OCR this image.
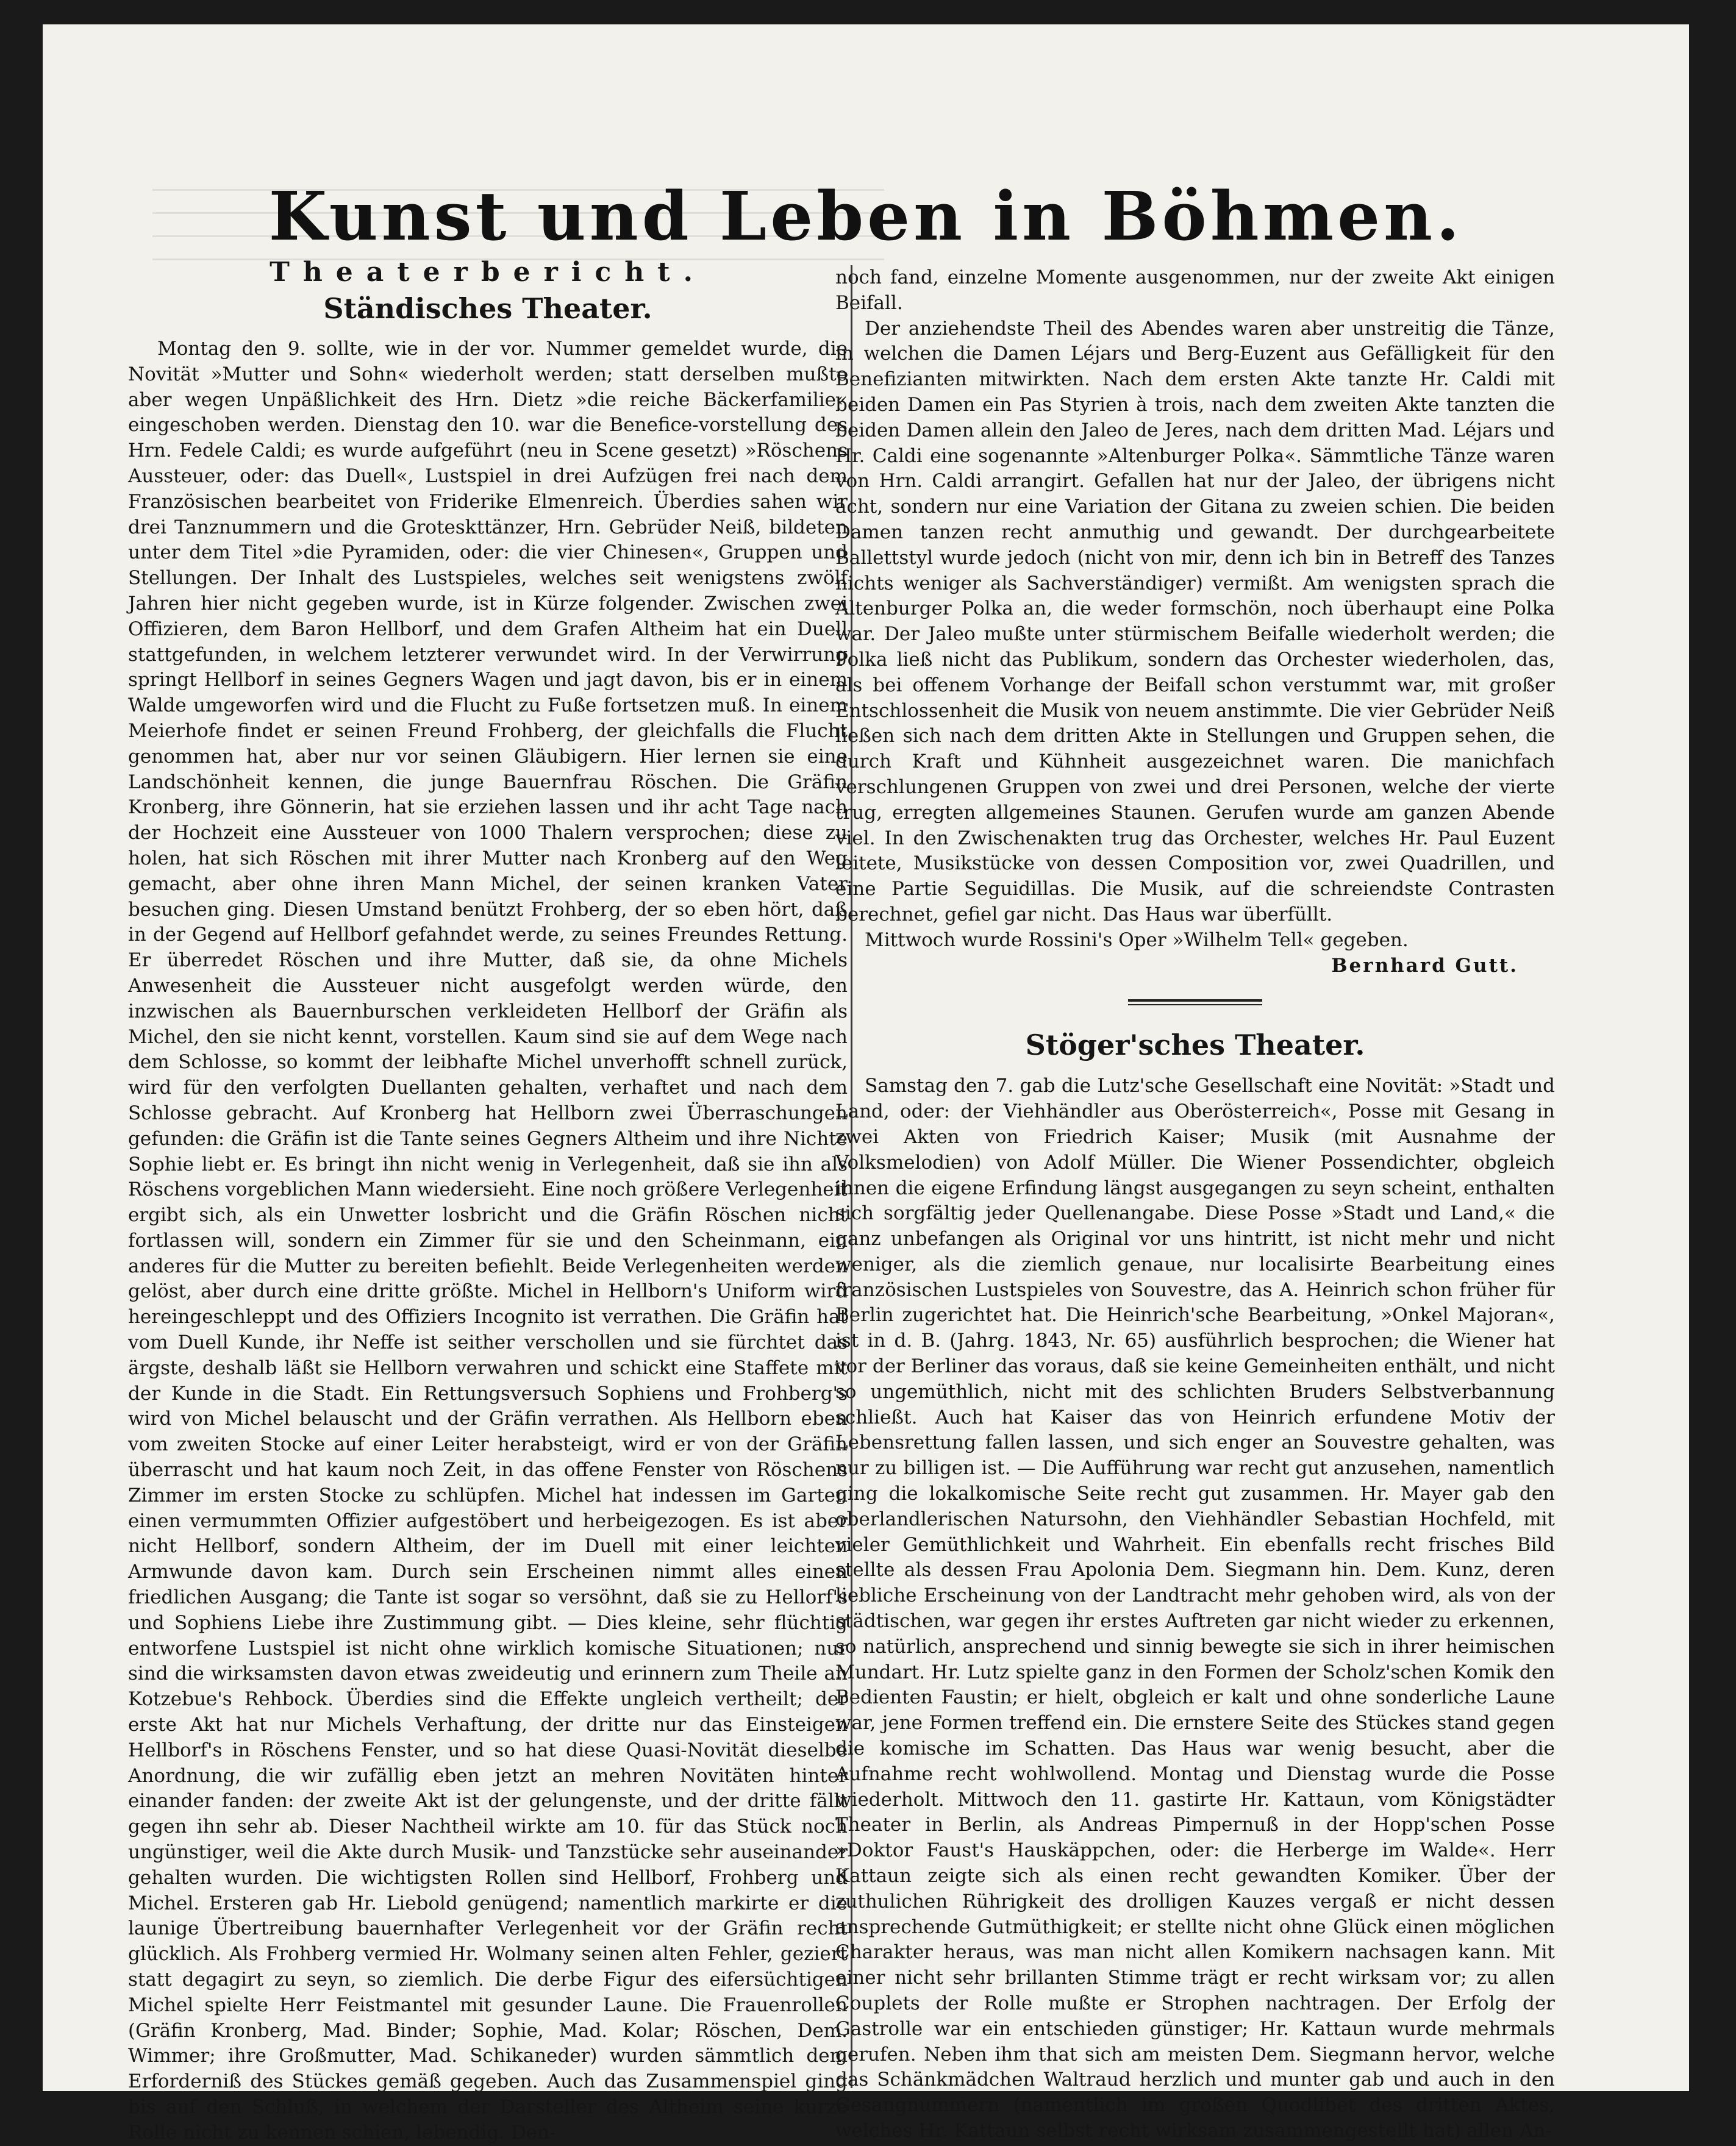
Kunst und Leben in Böhmen.
Theaterbericht.
Ständisches Theater.

Montag den 9. sollte, wie in der vor. Nummer gemeldet wurde, die Novität »Mutter und Sohn« wiederholt werden; statt derselben mußte aber wegen Unpäßlichkeit des Hrn. Dietz »die reiche Bäckerfamilie« eingeschoben werden. Dienstag den 10. war die Benefice-vorstellung des Hrn. Fedele Caldi; es wurde aufgeführt (neu in Scene gesetzt) »Röschens Aussteuer, oder: das Duell«, Lustspiel in drei Aufzügen frei nach dem Französischen bearbeitet von Friderike Elmenreich. Überdies sahen wir drei Tanznummern und die Groteskttänzer, Hrn. Gebrüder Neiß, bildeten unter dem Titel »die Pyramiden, oder: die vier Chinesen«, Gruppen und Stellungen. Der Inhalt des Lustspieles, welches seit wenigstens zwölf Jahren hier nicht gegeben wurde, ist in Kürze folgender. Zwischen zwei Offizieren, dem Baron Hellborf, und dem Grafen Altheim hat ein Duell stattgefunden, in welchem letzterer verwundet wird. In der Verwirrung springt Hellborf in seines Gegners Wagen und jagt davon, bis er in einem Walde umgeworfen wird und die Flucht zu Fuße fortsetzen muß. In einem Meierhofe findet er seinen Freund Frohberg, der gleichfalls die Flucht genommen hat, aber nur vor seinen Gläubigern. Hier lernen sie eine Landschönheit kennen, die junge Bauernfrau Röschen. Die Gräfin Kronberg, ihre Gönnerin, hat sie erziehen lassen und ihr acht Tage nach der Hochzeit eine Aussteuer von 1000 Thalern versprochen; diese zu holen, hat sich Röschen mit ihrer Mutter nach Kronberg auf den Weg gemacht, aber ohne ihren Mann Michel, der seinen kranken Vater besuchen ging. Diesen Umstand benützt Frohberg, der so eben hört, daß in der Gegend auf Hellborf gefahndet werde, zu seines Freundes Rettung. Er überredet Röschen und ihre Mutter, daß sie, da ohne Michels Anwesenheit die Aussteuer nicht ausgefolgt werden würde, den inzwischen als Bauernburschen verkleideten Hellborf der Gräfin als Michel, den sie nicht kennt, vorstellen. Kaum sind sie auf dem Wege nach dem Schlosse, so kommt der leibhafte Michel unverhofft schnell zurück, wird für den verfolgten Duellanten gehalten, verhaftet und nach dem Schlosse gebracht. Auf Kronberg hat Hellborn zwei Überraschungen gefunden: die Gräfin ist die Tante seines Gegners Altheim und ihre Nichte Sophie liebt er. Es bringt ihn nicht wenig in Verlegenheit, daß sie ihn als Röschens vorgeblichen Mann wiedersieht. Eine noch größere Verlegenheit ergibt sich, als ein Unwetter losbricht und die Gräfin Röschen nicht fortlassen will, sondern ein Zimmer für sie und den Scheinmann, ein anderes für die Mutter zu bereiten befiehlt. Beide Verlegenheiten werden gelöst, aber durch eine dritte größte. Michel in Hellborn's Uniform wird hereingeschleppt und des Offiziers Incognito ist verrathen. Die Gräfin hat vom Duell Kunde, ihr Neffe ist seither verschollen und sie fürchtet das ärgste, deshalb läßt sie Hellborn verwahren und schickt eine Staffete mit der Kunde in die Stadt. Ein Rettungsversuch Sophiens und Frohberg's wird von Michel belauscht und der Gräfin verrathen. Als Hellborn eben vom zweiten Stocke auf einer Leiter herabsteigt, wird er von der Gräfin überrascht und hat kaum noch Zeit, in das offene Fenster von Röschens Zimmer im ersten Stocke zu schlüpfen. Michel hat indessen im Garten einen vermummten Offizier aufgestöbert und herbeigezogen. Es ist aber nicht Hellborf, sondern Altheim, der im Duell mit einer leichten Armwunde davon kam. Durch sein Erscheinen nimmt alles einen friedlichen Ausgang; die Tante ist sogar so versöhnt, daß sie zu Hellorf's und Sophiens Liebe ihre Zustimmung gibt. — Dies kleine, sehr flüchtig entworfene Lustspiel ist nicht ohne wirklich komische Situationen; nur sind die wirksamsten davon etwas zweideutig und erinnern zum Theile an Kotzebue's Rehbock. Überdies sind die Effekte ungleich vertheilt; der erste Akt hat nur Michels Verhaftung, der dritte nur das Einsteigen Hellborf's in Röschens Fenster, und so hat diese Quasi-Novität dieselbe Anordnung, die wir zufällig eben jetzt an mehren Novitäten hinter einander fanden: der zweite Akt ist der gelungenste, und der dritte fällt gegen ihn sehr ab. Dieser Nachtheil wirkte am 10. für das Stück noch ungünstiger, weil die Akte durch Musik- und Tanzstücke sehr auseinander gehalten wurden. Die wichtigsten Rollen sind Hellborf, Frohberg und Michel. Ersteren gab Hr. Liebold genügend; namentlich markirte er die launige Übertreibung bauernhafter Verlegenheit vor der Gräfin recht glücklich. Als Frohberg vermied Hr. Wolmany seinen alten Fehler, geziert statt degagirt zu seyn, so ziemlich. Die derbe Figur des eifersüchtigen Michel spielte Herr Feistmantel mit gesunder Laune. Die Frauenrollen (Gräfin Kronberg, Mad. Binder; Sophie, Mad. Kolar; Röschen, Dem. Wimmer; ihre Großmutter, Mad. Schikaneder) wurden sämmtlich dem Erforderniß des Stückes gemäß gegeben. Auch das Zusammenspiel ging bis auf den Schluß, in welchem der Darsteller des Altheim seine kurze Rolle nicht zu kennen schien, lebendig. Den-

noch fand, einzelne Momente ausgenommen, nur der zweite Akt einigen Beifall.

Der anziehendste Theil des Abendes waren aber unstreitig die Tänze, in welchen die Damen Léjars und Berg-Euzent aus Gefälligkeit für den Benefizianten mitwirkten. Nach dem ersten Akte tanzte Hr. Caldi mit beiden Damen ein Pas Styrien à trois, nach dem zweiten Akte tanzten die beiden Damen allein den Jaleo de Jeres, nach dem dritten Mad. Léjars und Hr. Caldi eine sogenannte »Altenburger Polka«. Sämmtliche Tänze waren von Hrn. Caldi arrangirt. Gefallen hat nur der Jaleo, der übrigens nicht ächt, sondern nur eine Variation der Gitana zu zweien schien. Die beiden Damen tanzen recht anmuthig und gewandt. Der durchgearbeitete Ballettstyl wurde jedoch (nicht von mir, denn ich bin in Betreff des Tanzes nichts weniger als Sachverständiger) vermißt. Am wenigsten sprach die Altenburger Polka an, die weder formschön, noch überhaupt eine Polka war. Der Jaleo mußte unter stürmischem Beifalle wiederholt werden; die Polka ließ nicht das Publikum, sondern das Orchester wiederholen, das, als bei offenem Vorhange der Beifall schon verstummt war, mit großer Entschlossenheit die Musik von neuem anstimmte. Die vier Gebrüder Neiß ließen sich nach dem dritten Akte in Stellungen und Gruppen sehen, die durch Kraft und Kühnheit ausgezeichnet waren. Die manichfach verschlungenen Gruppen von zwei und drei Personen, welche der vierte trug, erregten allgemeines Staunen. Gerufen wurde am ganzen Abende viel. In den Zwischenakten trug das Orchester, welches Hr. Paul Euzent leitete, Musikstücke von dessen Composition vor, zwei Quadrillen, und eine Partie Seguidillas. Die Musik, auf die schreiendste Contrasten berechnet, gefiel gar nicht. Das Haus war überfüllt.

Mittwoch wurde Rossini's Oper »Wilhelm Tell« gegeben.

Bernhard Gutt.
Stöger'sches Theater.

Samstag den 7. gab die Lutz'sche Gesellschaft eine Novität: »Stadt und Land, oder: der Viehhändler aus Oberösterreich«, Posse mit Gesang in zwei Akten von Friedrich Kaiser; Musik (mit Ausnahme der Volksmelodien) von Adolf Müller. Die Wiener Possendichter, obgleich ihnen die eigene Erfindung längst ausgegangen zu seyn scheint, enthalten sich sorgfältig jeder Quellenangabe. Diese Posse »Stadt und Land,« die ganz unbefangen als Original vor uns hintritt, ist nicht mehr und nicht weniger, als die ziemlich genaue, nur localisirte Bearbeitung eines französischen Lustspieles von Souvestre, das A. Heinrich schon früher für Berlin zugerichtet hat. Die Heinrich'sche Bearbeitung, »Onkel Majoran«, ist in d. B. (Jahrg. 1843, Nr. 65) ausführlich besprochen; die Wiener hat vor der Berliner das voraus, daß sie keine Gemeinheiten enthält, und nicht so ungemüthlich, nicht mit des schlichten Bruders Selbstverbannung schließt. Auch hat Kaiser das von Heinrich erfundene Motiv der Lebensrettung fallen lassen, und sich enger an Souvestre gehalten, was nur zu billigen ist. — Die Aufführung war recht gut anzusehen, namentlich ging die lokalkomische Seite recht gut zusammen. Hr. Mayer gab den oberlandlerischen Natursohn, den Viehhändler Sebastian Hochfeld, mit vieler Gemüthlichkeit und Wahrheit. Ein ebenfalls recht frisches Bild stellte als dessen Frau Apolonia Dem. Siegmann hin. Dem. Kunz, deren liebliche Erscheinung von der Landtracht mehr gehoben wird, als von der städtischen, war gegen ihr erstes Auftreten gar nicht wieder zu erkennen, so natürlich, ansprechend und sinnig bewegte sie sich in ihrer heimischen Mundart. Hr. Lutz spielte ganz in den Formen der Scholz'schen Komik den Bedienten Faustin; er hielt, obgleich er kalt und ohne sonderliche Laune war, jene Formen treffend ein. Die ernstere Seite des Stückes stand gegen die komische im Schatten. Das Haus war wenig besucht, aber die Aufnahme recht wohlwollend. Montag und Dienstag wurde die Posse wiederholt. Mittwoch den 11. gastirte Hr. Kattaun, vom Königstädter Theater in Berlin, als Andreas Pimpernuß in der Hopp'schen Posse »Doktor Faust's Hauskäppchen, oder: die Herberge im Walde«. Herr Kattaun zeigte sich als einen recht gewandten Komiker. Über der zuthulichen Rührigkeit des drolligen Kauzes vergaß er nicht dessen ansprechende Gutmüthigkeit; er stellte nicht ohne Glück einen möglichen Charakter heraus, was man nicht allen Komikern nachsagen kann. Mit einer nicht sehr brillanten Stimme trägt er recht wirksam vor; zu allen Couplets der Rolle mußte er Strophen nachtragen. Der Erfolg der Gastrolle war ein entschieden günstiger; Hr. Kattaun wurde mehrmals gerufen. Neben ihm that sich am meisten Dem. Siegmann hervor, welche das Schänkmädchen Waltraud herzlich und munter gab und auch in den Gesangnummern (namentlich im großen Quodlibet des dritten Aktes, welches Hr. Kattaun selbst recht wirksam zusammengestellt hat) allen An-
